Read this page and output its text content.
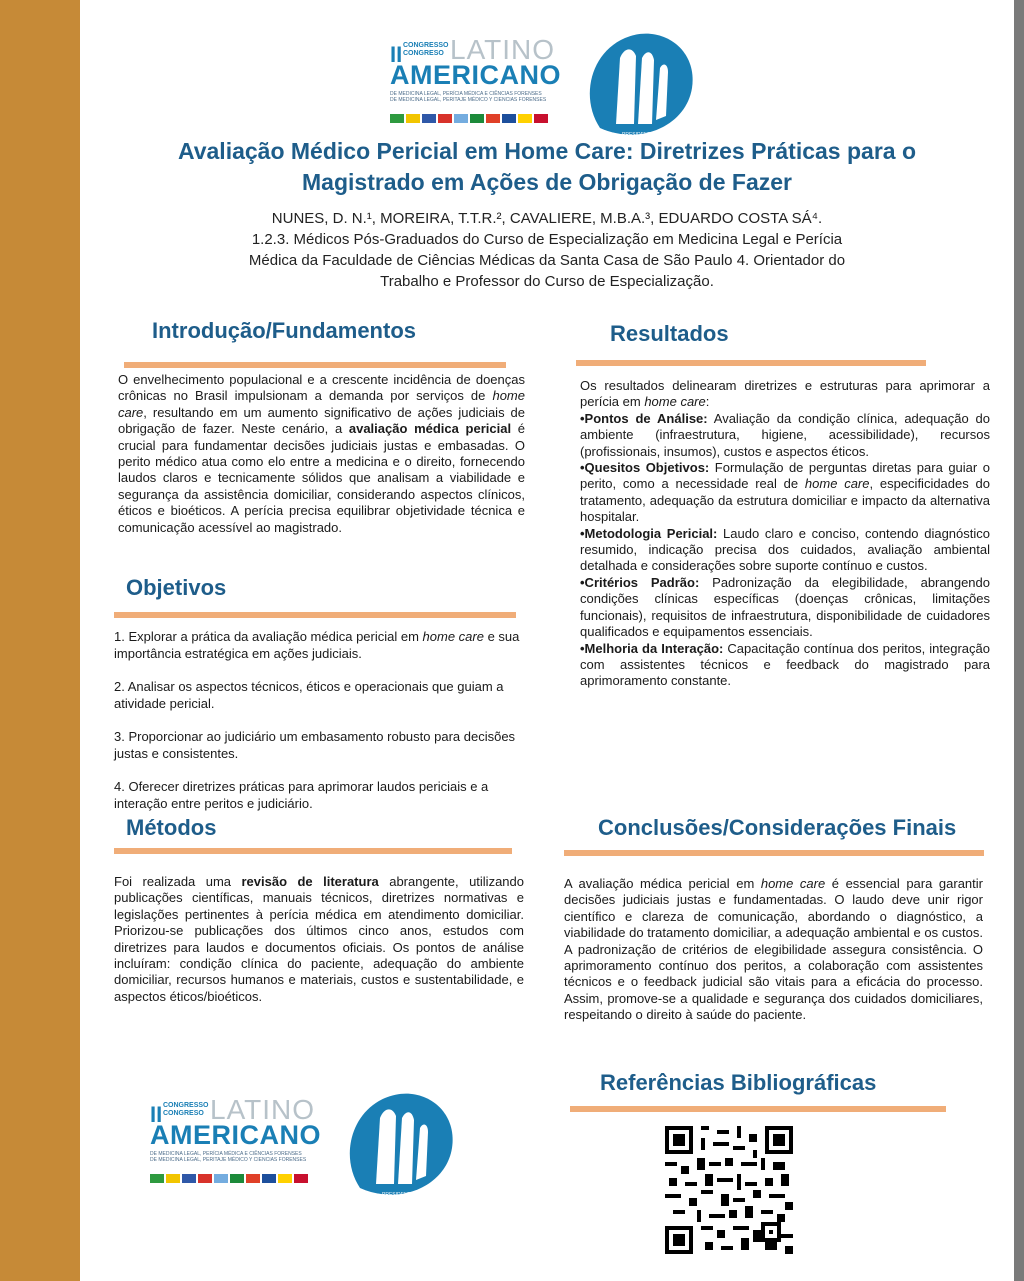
II CONGRESSO
CONGRESO LATINO
AMERICANO
DE MEDICINA LEGAL, PERÍCIA MÉDICA E CIÊNCIAS FORENSES
DE MEDICINA LEGAL, PERITAJE MÉDICO Y CIENCIAS FORENSES
PRESIDENTE: JRJ 2025
Avaliação Médico Pericial em Home Care: Diretrizes Práticas para o Magistrado em Ações de Obrigação de Fazer

NUNES, D. N.¹, MOREIRA, T.T.R.², CAVALIERE, M.B.A.³, EDUARDO COSTA SÁ⁴.

1.2.3. Médicos Pós-Graduados do Curso de Especialização em Medicina Legal e Perícia

Médica da Faculdade de Ciências Médicas da Santa Casa de São Paulo 4. Orientador do

Trabalho e Professor do Curso de Especialização.

Introdução/Fundamentos

O envelhecimento populacional e a crescente incidência de doenças crônicas no Brasil impulsionam a demanda por serviços de home care, resultando em um aumento significativo de ações judiciais de obrigação de fazer. Neste cenário, a avaliação médica pericial é crucial para fundamentar decisões judiciais justas e embasadas. O perito médico atua como elo entre a medicina e o direito, fornecendo laudos claros e tecnicamente sólidos que analisam a viabilidade e segurança da assistência domiciliar, considerando aspectos clínicos, éticos e bioéticos. A perícia precisa equilibrar objetividade técnica e comunicação acessível ao magistrado.

Objetivos
1. Explorar a prática da avaliação médica pericial em home care e sua importância estratégica em ações judiciais.
2. Analisar os aspectos técnicos, éticos e operacionais que guiam a atividade pericial.
3. Proporcionar ao judiciário um embasamento robusto para decisões justas e consistentes.
4. Oferecer diretrizes práticas para aprimorar laudos periciais e a interação entre peritos e judiciário.
Métodos

Foi realizada uma revisão de literatura abrangente, utilizando publicações científicas, manuais técnicos, diretrizes normativas e legislações pertinentes à perícia médica em atendimento domiciliar. Priorizou-se publicações dos últimos cinco anos, estudos com diretrizes para laudos e documentos oficiais. Os pontos de análise incluíram: condição clínica do paciente, adequação do ambiente domiciliar, recursos humanos e materiais, custos e sustentabilidade, e aspectos éticos/bioéticos.

II CONGRESSO
CONGRESO LATINO
AMERICANO
DE MEDICINA LEGAL, PERÍCIA MÉDICA E CIÊNCIAS FORENSES
DE MEDICINA LEGAL, PERITAJE MÉDICO Y CIENCIAS FORENSES
PRESIDENTE: JRJ 2025
Resultados
Os resultados delinearam diretrizes e estruturas para aprimorar a perícia em home care:
•Pontos de Análise: Avaliação da condição clínica, adequação do ambiente (infraestrutura, higiene, acessibilidade), recursos (profissionais, insumos), custos e aspectos éticos.
•Quesitos Objetivos: Formulação de perguntas diretas para guiar o perito, como a necessidade real de home care, especificidades do tratamento, adequação da estrutura domiciliar e impacto da alternativa hospitalar.
•Metodologia Pericial: Laudo claro e conciso, contendo diagnóstico resumido, indicação precisa dos cuidados, avaliação ambiental detalhada e considerações sobre suporte contínuo e custos.
•Critérios Padrão: Padronização da elegibilidade, abrangendo condições clínicas específicas (doenças crônicas, limitações funcionais), requisitos de infraestrutura, disponibilidade de cuidadores qualificados e equipamentos essenciais.
•Melhoria da Interação: Capacitação contínua dos peritos, integração com assistentes técnicos e feedback do magistrado para aprimoramento constante.
Conclusões/Considerações Finais

A avaliação médica pericial em home care é essencial para garantir decisões judiciais justas e fundamentadas. O laudo deve unir rigor científico e clareza de comunicação, abordando o diagnóstico, a viabilidade do tratamento domiciliar, a adequação ambiental e os custos. A padronização de critérios de elegibilidade assegura consistência. O aprimoramento contínuo dos peritos, a colaboração com assistentes técnicos e o feedback judicial são vitais para a eficácia do processo. Assim, promove-se a qualidade e segurança dos cuidados domiciliares, respeitando o direito à saúde do paciente.

Referências Bibliográficas
